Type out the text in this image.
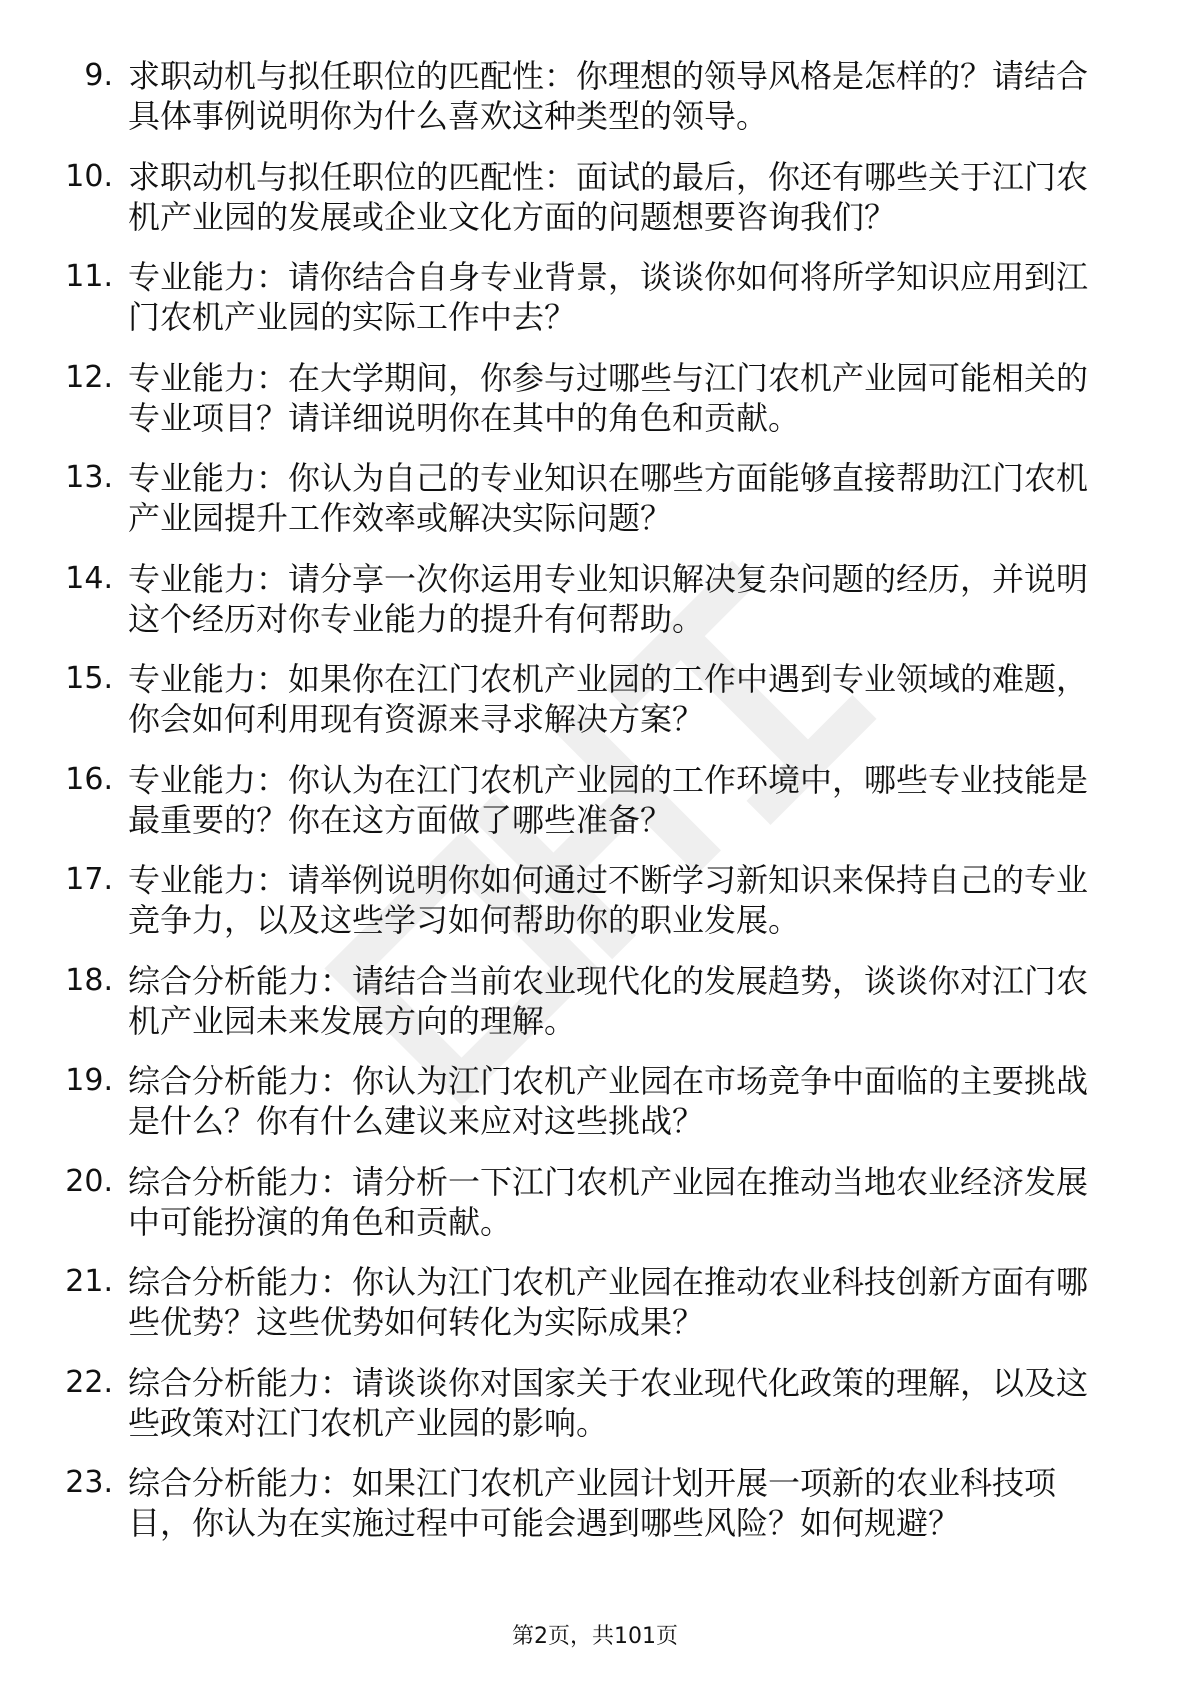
9. 求职动机与拟任职位的匹配性：你理想的领导风格是怎样的？请结合具体事例说明你为什么喜欢这种类型的领导。
10. 求职动机与拟任职位的匹配性：面试的最后，你还有哪些关于江门农机产业园的发展或企业文化方面的问题想要咨询我们？
11. 专业能力：请你结合自身专业背景，谈谈你如何将所学知识应用到江门农机产业园的实际工作中去？
12. 专业能力：在大学期间，你参与过哪些与江门农机产业园可能相关的专业项目？请详细说明你在其中的角色和贡献。
13. 专业能力：你认为自己的专业知识在哪些方面能够直接帮助江门农机产业园提升工作效率或解决实际问题？
14. 专业能力：请分享一次你运用专业知识解决复杂问题的经历，并说明这个经历对你专业能力的提升有何帮助。
15. 专业能力：如果你在江门农机产业园的工作中遇到专业领域的难题，你会如何利用现有资源来寻求解决方案？
16. 专业能力：你认为在江门农机产业园的工作环境中，哪些专业技能是最重要的？你在这方面做了哪些准备？
17. 专业能力：请举例说明你如何通过不断学习新知识来保持自己的专业竞争力，以及这些学习如何帮助你的职业发展。
18. 综合分析能力：请结合当前农业现代化的发展趋势，谈谈你对江门农机产业园未来发展方向的理解。
19. 综合分析能力：你认为江门农机产业园在市场竞争中面临的主要挑战是什么？你有什么建议来应对这些挑战？
20. 综合分析能力：请分析一下江门农机产业园在推动当地农业经济发展中可能扮演的角色和贡献。
21. 综合分析能力：你认为江门农机产业园在推动农业科技创新方面有哪些优势？这些优势如何转化为实际成果？
22. 综合分析能力：请谈谈你对国家关于农业现代化政策的理解，以及这些政策对江门农机产业园的影响。
23. 综合分析能力：如果江门农机产业园计划开展一项新的农业科技项目，你认为在实施过程中可能会遇到哪些风险？如何规避？
第2页，共101页
